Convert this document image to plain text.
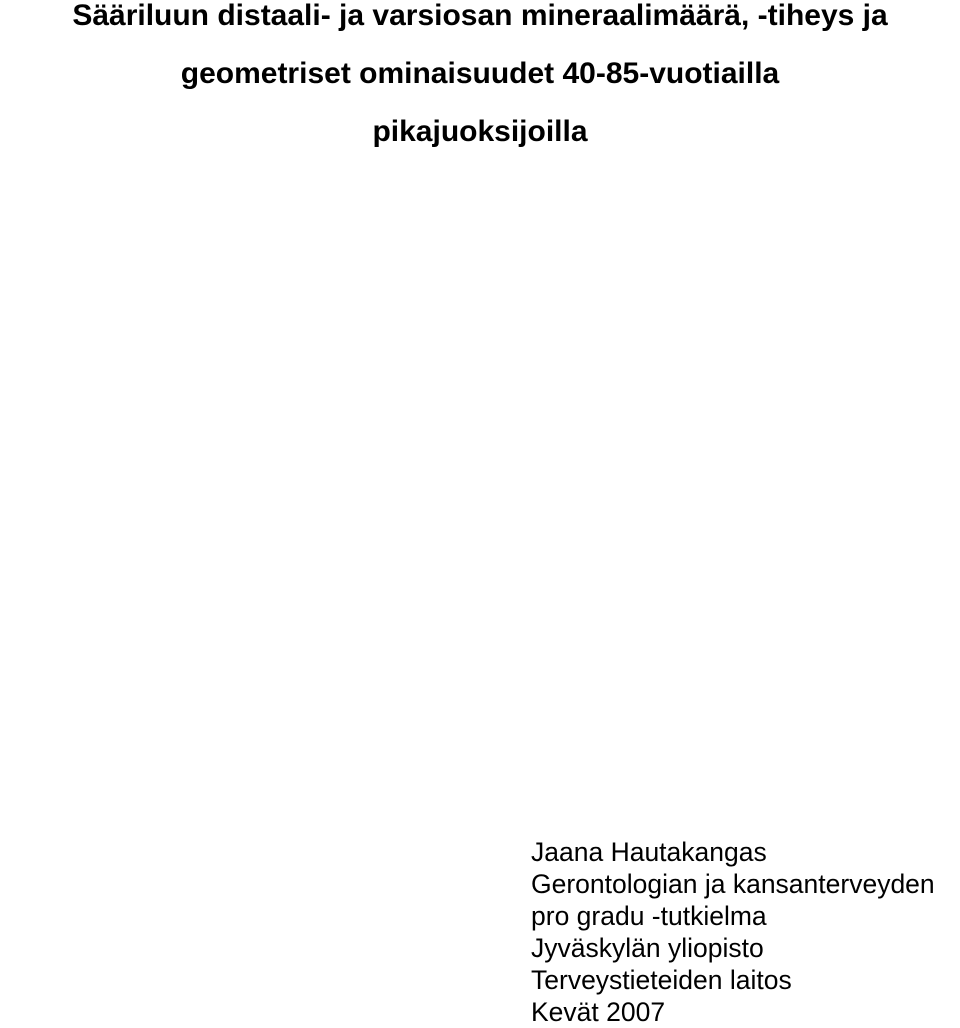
Sääriluun distaali- ja varsiosan mineraalimäärä, -tiheys ja
geometriset ominaisuudet 40-85-vuotiailla
pikajuoksijoilla
Jaana Hautakangas
Gerontologian ja kansanterveyden
pro gradu -tutkielma
Jyväskylän yliopisto
Terveystieteiden laitos
Kevät 2007
